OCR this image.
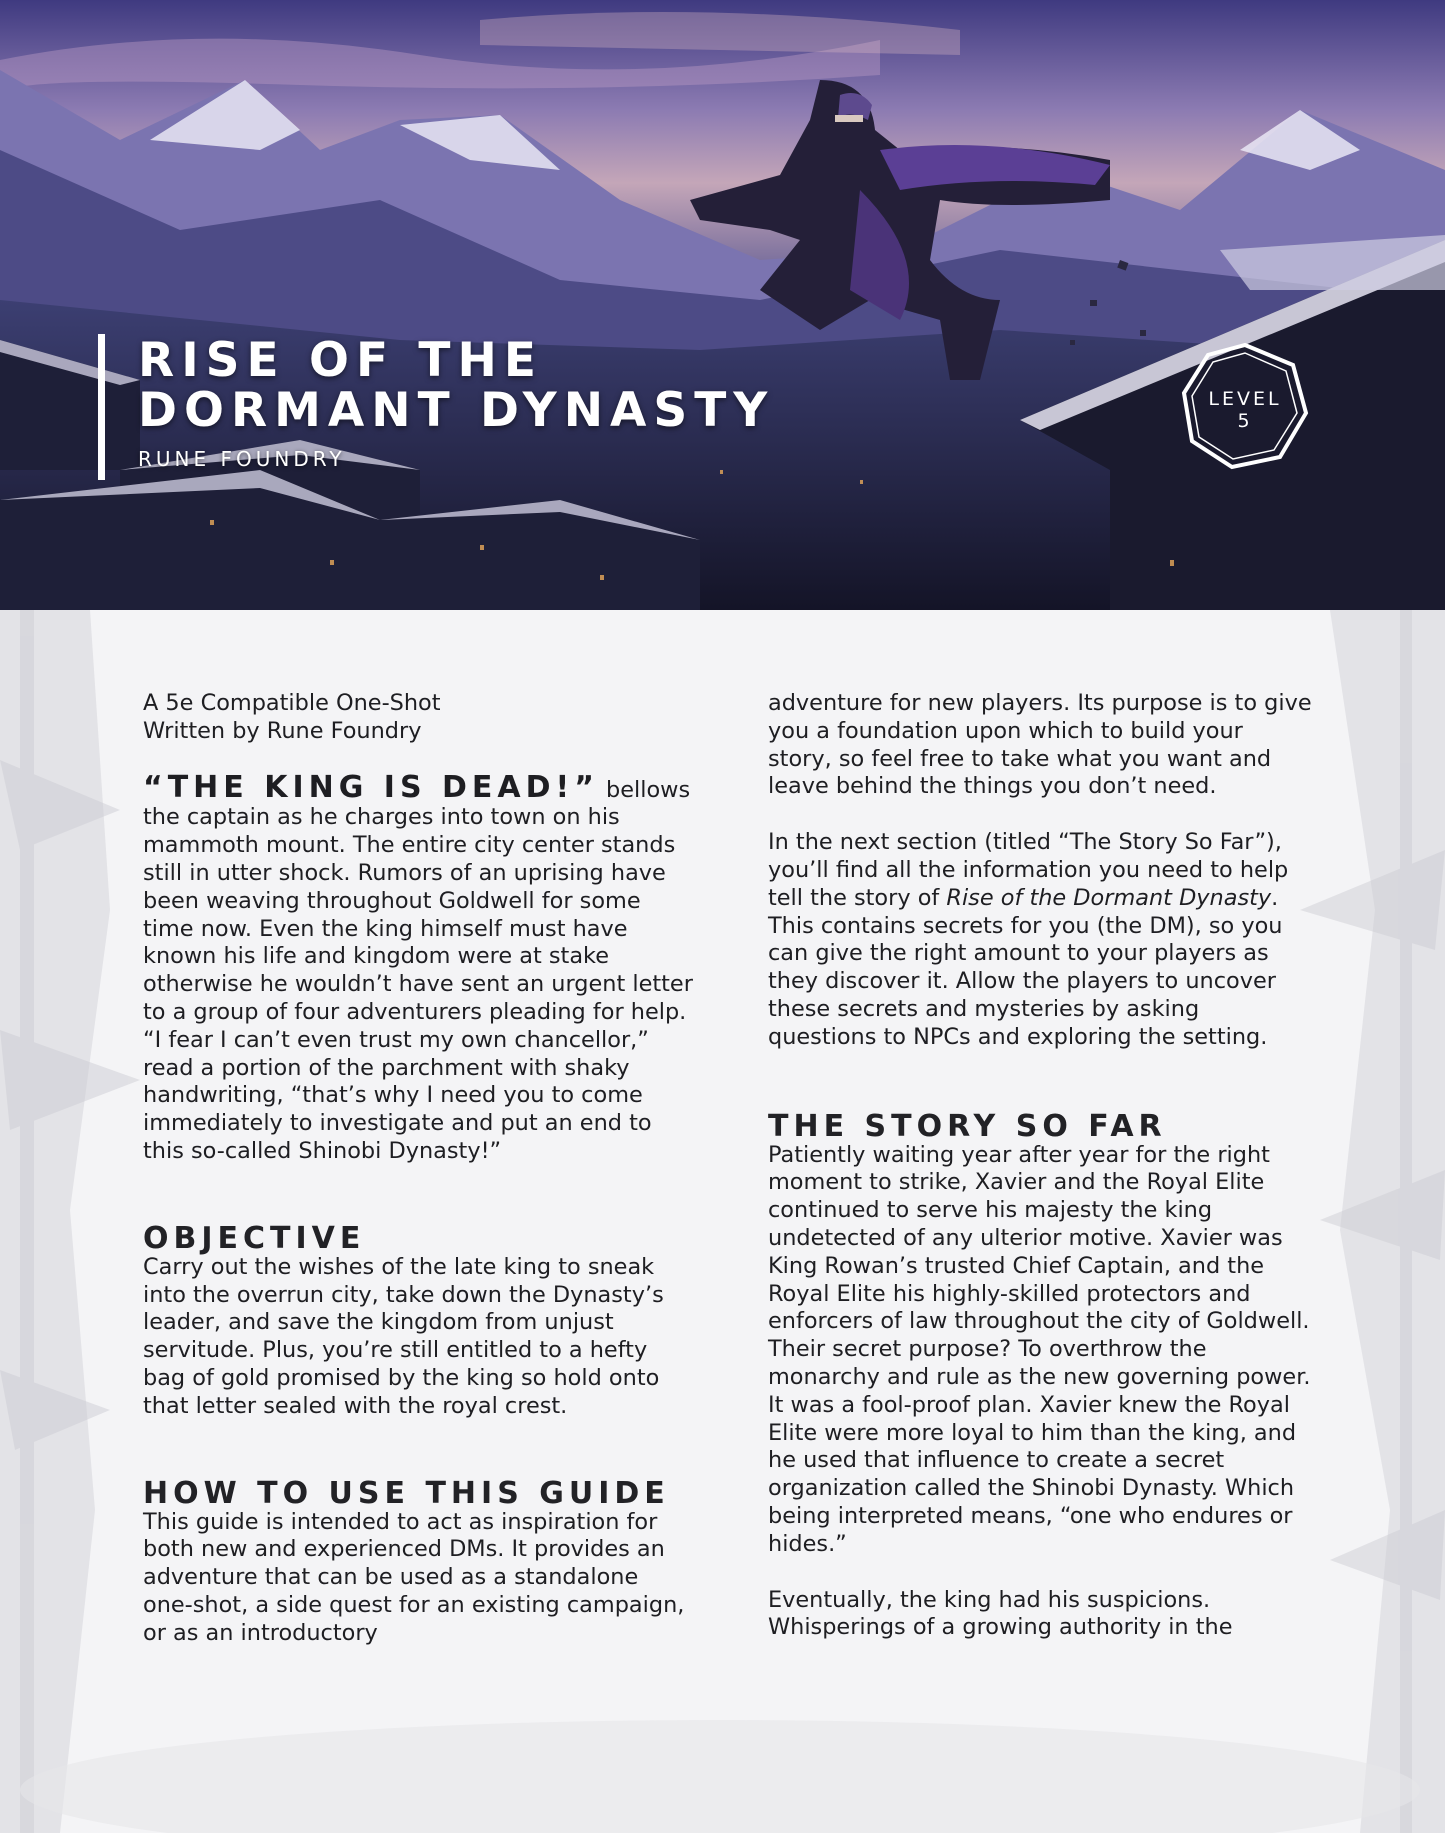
RISE OF THE
DORMANT DYNASTY
RUNE FOUNDRY
LEVEL
5

A 5e Compatible One-Shot

Written by Rune Foundry

“THE KING IS DEAD!” bellows the captain as he charges into town on his mammoth mount. The entire city center stands still in utter shock. Rumors of an uprising have been weaving throughout Goldwell for some time now. Even the king himself must have known his life and kingdom were at stake otherwise he wouldn’t have sent an urgent letter to a group of four adventurers pleading for help. “I fear I can’t even trust my own chancellor,” read a portion of the parchment with shaky handwriting, “that’s why I need you to come immediately to investigate and put an end to this so-called Shinobi Dynasty!”

OBJECTIVE

Carry out the wishes of the late king to sneak into the overrun city, take down the Dynasty’s leader, and save the kingdom from unjust servitude. Plus, you’re still entitled to a hefty bag of gold promised by the king so hold onto that letter sealed with the royal crest.

HOW TO USE THIS GUIDE

This guide is intended to act as inspiration for both new and experienced DMs. It provides an adventure that can be used as a standalone one-shot, a side quest for an existing campaign, or as an introductory

adventure for new players. Its purpose is to give you a foundation upon which to build your story, so feel free to take what you want and leave behind the things you don’t need.

In the next section (titled “The Story So Far”), you’ll find all the information you need to help tell the story of Rise of the Dormant Dynasty. This contains secrets for you (the DM), so you can give the right amount to your players as they discover it. Allow the players to uncover these secrets and mysteries by asking questions to NPCs and exploring the setting.

THE STORY SO FAR

Patiently waiting year after year for the right moment to strike, Xavier and the Royal Elite continued to serve his majesty the king undetected of any ulterior motive. Xavier was King Rowan’s trusted Chief Captain, and the Royal Elite his highly-skilled protectors and enforcers of law throughout the city of Goldwell. Their secret purpose? To overthrow the monarchy and rule as the new governing power. It was a fool-proof plan. Xavier knew the Royal Elite were more loyal to him than the king, and he used that influence to create a secret organization called the Shinobi Dynasty. Which being interpreted means, “one who endures or hides.”

Eventually, the king had his suspicions. Whisperings of a growing authority in the
